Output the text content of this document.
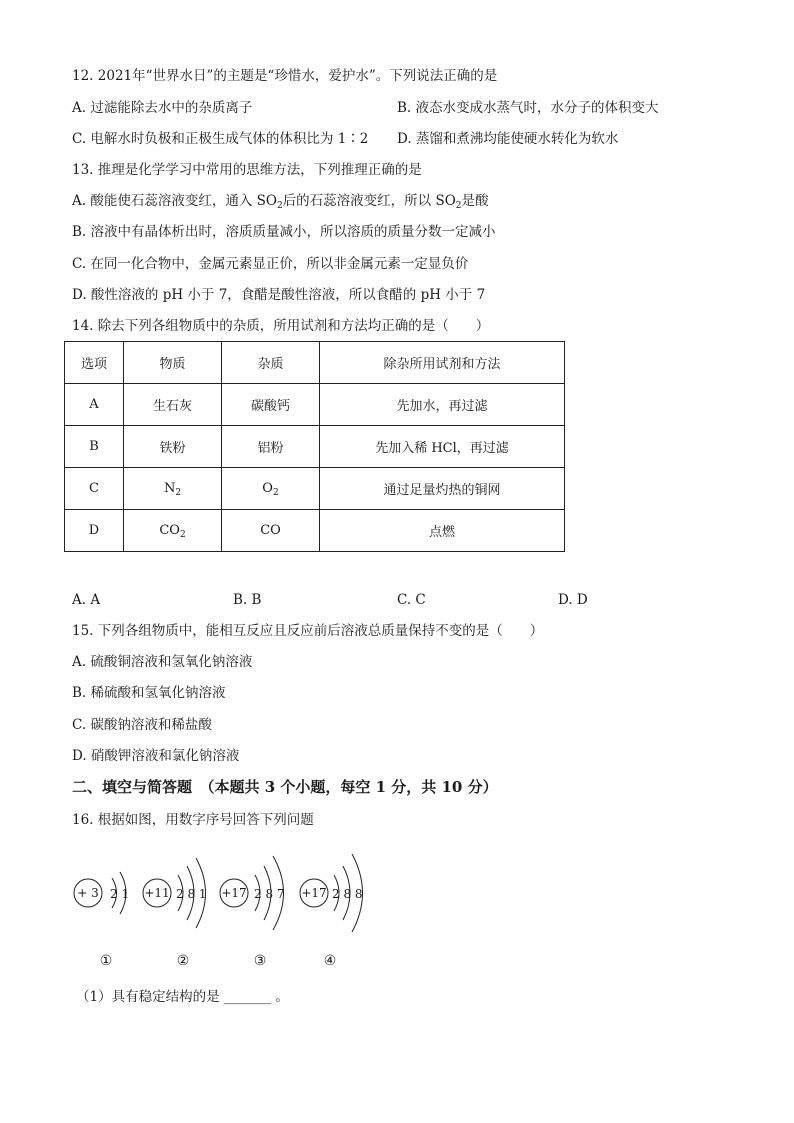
12. 2021年“世界水日”的主题是“珍惜水，爱护水”。下列说法正确的是
A. 过滤能除去水中的杂质离子	B. 液态水变成水蒸气时，水分子的体积变大
C. 电解水时负极和正极生成气体的体积比为 1∶2 D. 蒸馏和煮沸均能使硬水转化为软水
13. 推理是化学学习中常用的思维方法，下列推理正确的是
A. 酸能使石蕊溶液变红，通入 $SO_2$后的石蕊溶液变红，所以 $SO_2$是酸
B. 溶液中有晶体析出时，溶质质量减小，所以溶质的质量分数一定减小
C. 在同一化合物中，金属元素显正价，所以非金属元素一定显负价
D. 酸性溶液的 pH 小于 7，食醋是酸性溶液，所以食醋的 pH 小于 7
14. 除去下列各组物质中的杂质，所用试剂和方法均正确的是（　　）
选项	物质	杂质	除杂所用试剂和方法
A	生石灰	碳酸钙	先加水，再过滤
B	铁粉	铝粉	先加入稀 HCl，再过滤
C	$N_2$	$O_2$	通过足量灼热的铜网
D	$CO_2$	CO	点燃
A. A	B. B	C. C	D. D
15. 下列各组物质中，能相互反应且反应前后溶液总质量保持不变的是（　　）
A. 硫酸铜溶液和氢氧化钠溶液
B. 稀硫酸和氢氧化钠溶液
C. 碳酸钠溶液和稀盐酸
D. 硝酸钾溶液和氯化钠溶液
二、填空与简答题　（本题共 3 个小题，每空 1 分，共 10 分）
16. 根据如图，用数字序号回答下列问题
+ 3 2 1 +11 2 8 1 +17 2 8 7 +17 2 8 8
①	②	③	④
（1）具有稳定结构的是 _______ 。
